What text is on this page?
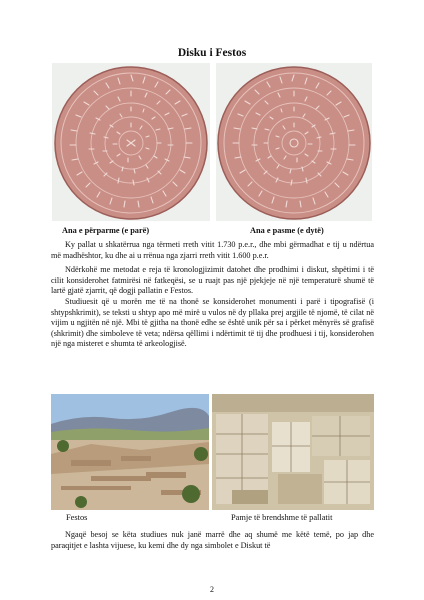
Disku i Festos
Ana e përparme (e parë)	Ana e pasme (e dytë)

Ky pallat u shkatërrua nga tërmeti rreth vitit 1.730 p.e.r., dhe mbi gërmadhat e tij u ndërtua më madhështor, ku dhe ai u rrënua nga zjarri rreth vitit 1.600 p.e.r.

Ndërkohë me metodat e reja të kronologjizimit datohet dhe prodhimi i diskut, shpëtimi i të cilit konsiderohet fatmirësi në fatkeqësi, se u ruajt pas një pjekjeje në një temperaturë shumë të lartë gjatë zjarrit, që dogji pallatin e Festos.

Studiuesit që u morën me të na thonë se konsiderohet monumenti i parë i tipografisë (i shtypshkrimit), se teksti u shtyp apo më mirë u vulos në dy pllaka prej argjile të njomë, të cilat në vijim u ngjitën në një. Mbi të gjitha na thonë edhe se është unik për sa i përket mënyrës së grafisë (shkrimit) dhe simboleve të veta; ndërsa qëllimi i ndërtimit të tij dhe prodhuesi i tij, konsiderohen një nga misteret e shumta të arkeologjisë.

Festos	Pamje të brendshme të pallatit

Ngaqë besoj se këta studiues nuk janë marrë dhe aq shumë me këtë temë, po jap dhe paraqitjet e lashta vijuese, ku kemi dhe dy nga simbolet e Diskut të

2
